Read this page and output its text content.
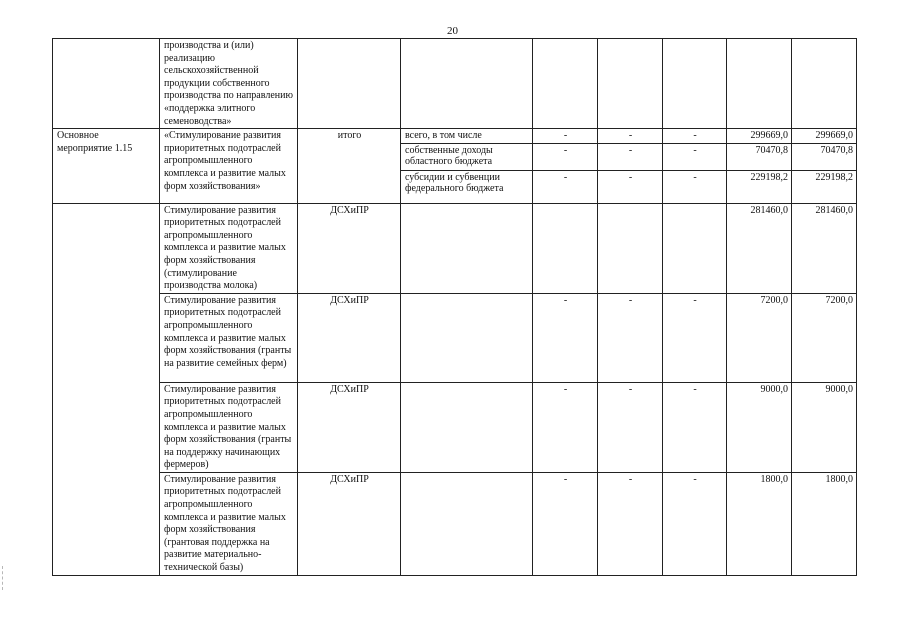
20
	производства и (или) реализацию сельскохозяйственной продукции собственного производства по направлению «поддержка элитного семеноводства»							
Основное мероприятие 1.15	«Стимулирование развития приоритетных подотраслей агропромышленного комплекса и развитие малых форм хозяйствования»	итого	всего, в том числе	-	-	-	299669,0	299669,0
			собственные доходы областного бюджета	-	-	-	70470,8	70470,8
			субсидии и субвенции федерального бюджета	-	-	-	229198,2	229198,2
	Стимулирование развития приоритетных подотраслей агропромышленного комплекса и развитие малых форм хозяйствования (стимулирование производства молока)	ДСХиПР					281460,0	281460,0
	Стимулирование развития приоритетных подотраслей агропромышленного комплекса и развитие малых форм хозяйствования (гранты на развитие семейных ферм)	ДСХиПР		-	-	-	7200,0	7200,0
	Стимулирование развития приоритетных подотраслей агропромышленного комплекса и развитие малых форм хозяйствования (гранты на поддержку начинающих фермеров)	ДСХиПР		-	-	-	9000,0	9000,0
	Стимулирование развития приоритетных подотраслей агропромышленного комплекса и развитие малых форм хозяйствования (грантовая поддержка на развитие материально-технической базы)	ДСХиПР		-	-	-	1800,0	1800,0
